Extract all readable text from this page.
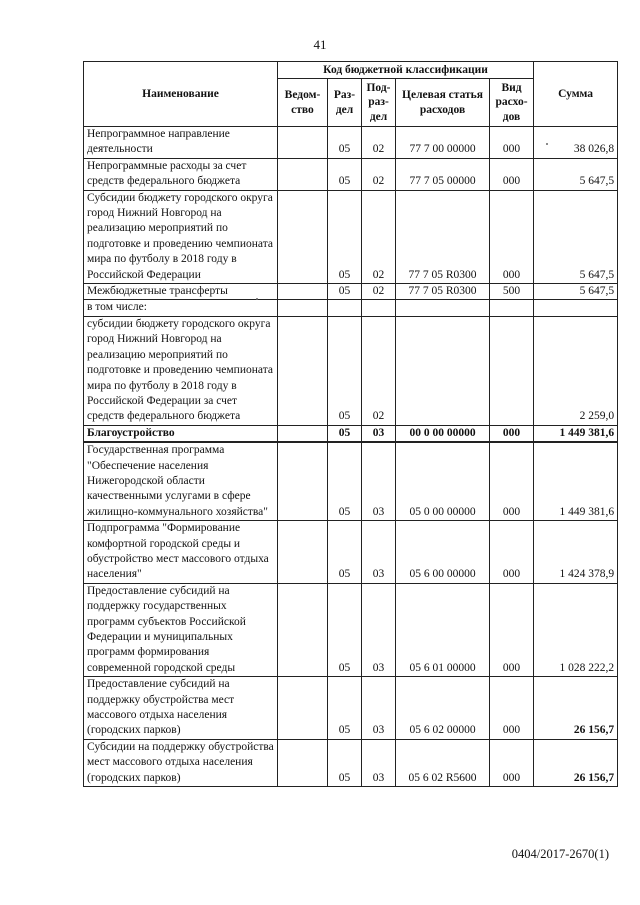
41
Наименование	Код бюджетной классификации					Сумма
	Ведом-ство	Раз-дел	Под-раз-дел	Целевая статья расходов	Вид расхо-дов	
Непрограммное направление деятельности		05	02	77 7 00 00000	000	38 026,8
Непрограммные расходы за счет средств федерального бюджета		05	02	77 7 05 00000	000	5 647,5
Субсидии бюджету городского округа город Нижний Новгород на реализацию мероприятий по подготовке и проведению чемпионата мира по футболу в 2018 году в Российской Федерации		05	02	77 7 05 R0300	000	5 647,5
Межбюджетные трансферты		05	02	77 7 05 R0300	500	5 647,5
в том числе:						
субсидии бюджету городского округа город Нижний Новгород на реализацию мероприятий по подготовке и проведению чемпионата мира по футболу в 2018 году в Российской Федерации за счет средств федерального бюджета		05	02			2 259,0
Благоустройство		05	03	00 0 00 00000	000	1 449 381,6
Государственная программа "Обеспечение населения Нижегородской области качественными услугами в сфере жилищно-коммунального хозяйства"		05	03	05 0 00 00000	000	1 449 381,6
Подпрограмма "Формирование комфортной городской среды и обустройство мест массового отдыха населения"		05	03	05 6 00 00000	000	1 424 378,9
Предоставление субсидий на поддержку государственных программ субъектов Российской Федерации и муниципальных программ формирования современной городской среды		05	03	05 6 01 00000	000	1 028 222,2
Предоставление субсидий на поддержку обустройства мест массового отдыха населения (городских парков)		05	03	05 6 02 00000	000	26 156,7
Субсидии на поддержку обустройства мест массового отдыха населения (городских парков)		05	03	05 6 02 R5600	000	26 156,7
0404/2017-2670(1)
